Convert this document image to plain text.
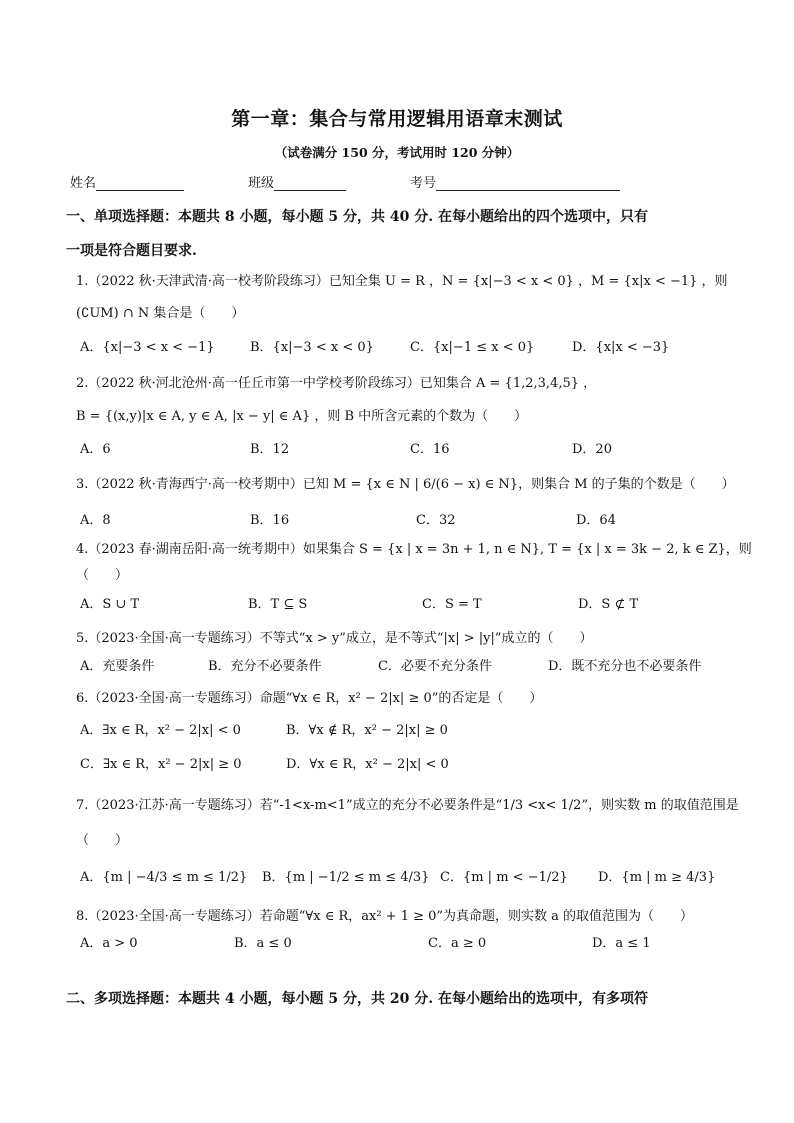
第一章：集合与常用逻辑用语章末测试
（试卷满分 150 分，考试用时 120 分钟）
姓名	班级	考号
一、单项选择题：本题共 8 小题，每小题 5 分，共 40 分. 在每小题给出的四个选项中，只有
一项是符合题目要求.
1.（2022 秋·天津武清·高一校考阶段练习）已知全集 U = R ，N = {x|−3 < x < 0} ，M = {x|x < −1} ，则
(∁UM) ∩ N 集合是（　　）
A．{x|−3 < x < −1}	B．{x|−3 < x < 0}	C．{x|−1 ≤ x < 0}	D．{x|x < −3}
2.（2022 秋·河北沧州·高一任丘市第一中学校考阶段练习）已知集合 A = {1,2,3,4,5} ，
B = {(x,y)|x ∈ A, y ∈ A, |x − y| ∈ A} ，则 B 中所含元素的个数为（　　）
A．6	B．12	C．16	D．20
3.（2022 秋·青海西宁·高一校考期中）已知 M = {x ∈ N | 6/(6 − x) ∈ N}，则集合 M 的子集的个数是（　　）
A．8	B．16	C．32	D．64
4.（2023 春·湖南岳阳·高一统考期中）如果集合 S = {x | x = 3n + 1, n ∈ N}, T = {x | x = 3k − 2, k ∈ Z}，则
（　　）
A．S ∪ T	B．T ⊆ S	C．S = T	D．S ⊄ T
5.（2023·全国·高一专题练习）不等式“x > y”成立，是不等式“|x| > |y|”成立的（　　）
A．充要条件	B．充分不必要条件	C．必要不充分条件	D．既不充分也不必要条件
6.（2023·全国·高一专题练习）命题“∀x ∈ R，x² − 2|x| ≥ 0”的否定是（　　）
A．∃x ∈ R，x² − 2|x| < 0	B．∀x ∉ R，x² − 2|x| ≥ 0
C．∃x ∈ R，x² − 2|x| ≥ 0	D．∀x ∈ R，x² − 2|x| < 0
7.（2023·江苏·高一专题练习）若“-1<x-m<1”成立的充分不必要条件是“1/3 <x< 1/2”，则实数 m 的取值范围是
（　　）
A．{m | −4/3 ≤ m ≤ 1/2} B．{m | −1/2 ≤ m ≤ 4/3} C．{m | m < −1/2} D．{m | m ≥ 4/3}
8.（2023·全国·高一专题练习）若命题“∀x ∈ R，ax² + 1 ≥ 0”为真命题，则实数 a 的取值范围为（　　）
A．a > 0	B．a ≤ 0	C．a ≥ 0	D．a ≤ 1
二、多项选择题：本题共 4 小题，每小题 5 分，共 20 分. 在每小题给出的选项中，有多项符
